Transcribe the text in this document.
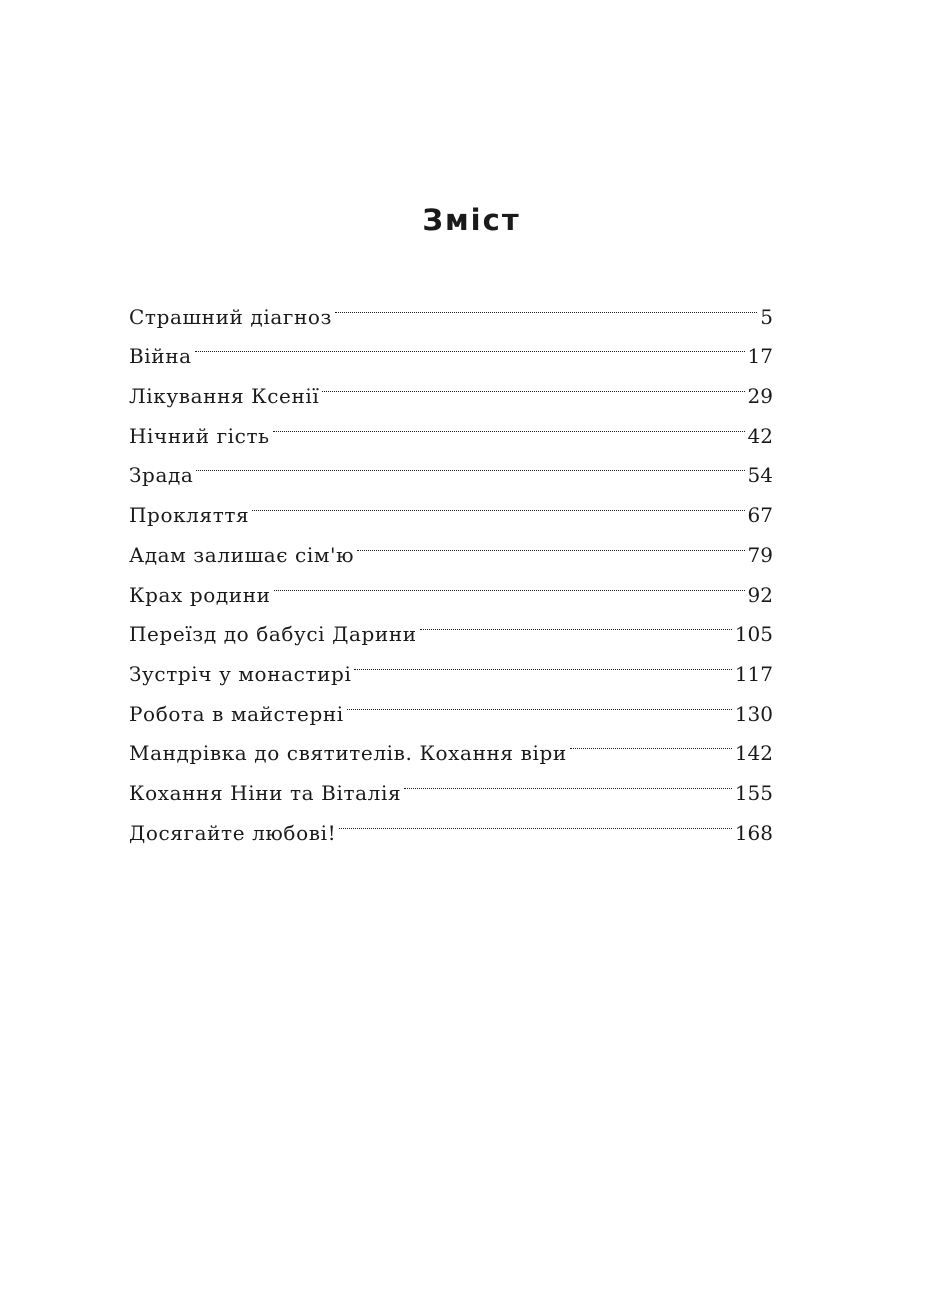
Зміст
Страшний діагноз	5
Війна	17
Лікування Ксенії	29
Нічний гість	42
Зрада	54
Прокляття	67
Адам залишає сім'ю	79
Крах родини	92
Переїзд до бабусі Дарини	105
Зустріч у монастирі	117
Робота в майстерні	130
Мандрівка до святителів. Кохання віри	142
Кохання Ніни та Віталія	155
Досягайте любові!	168
